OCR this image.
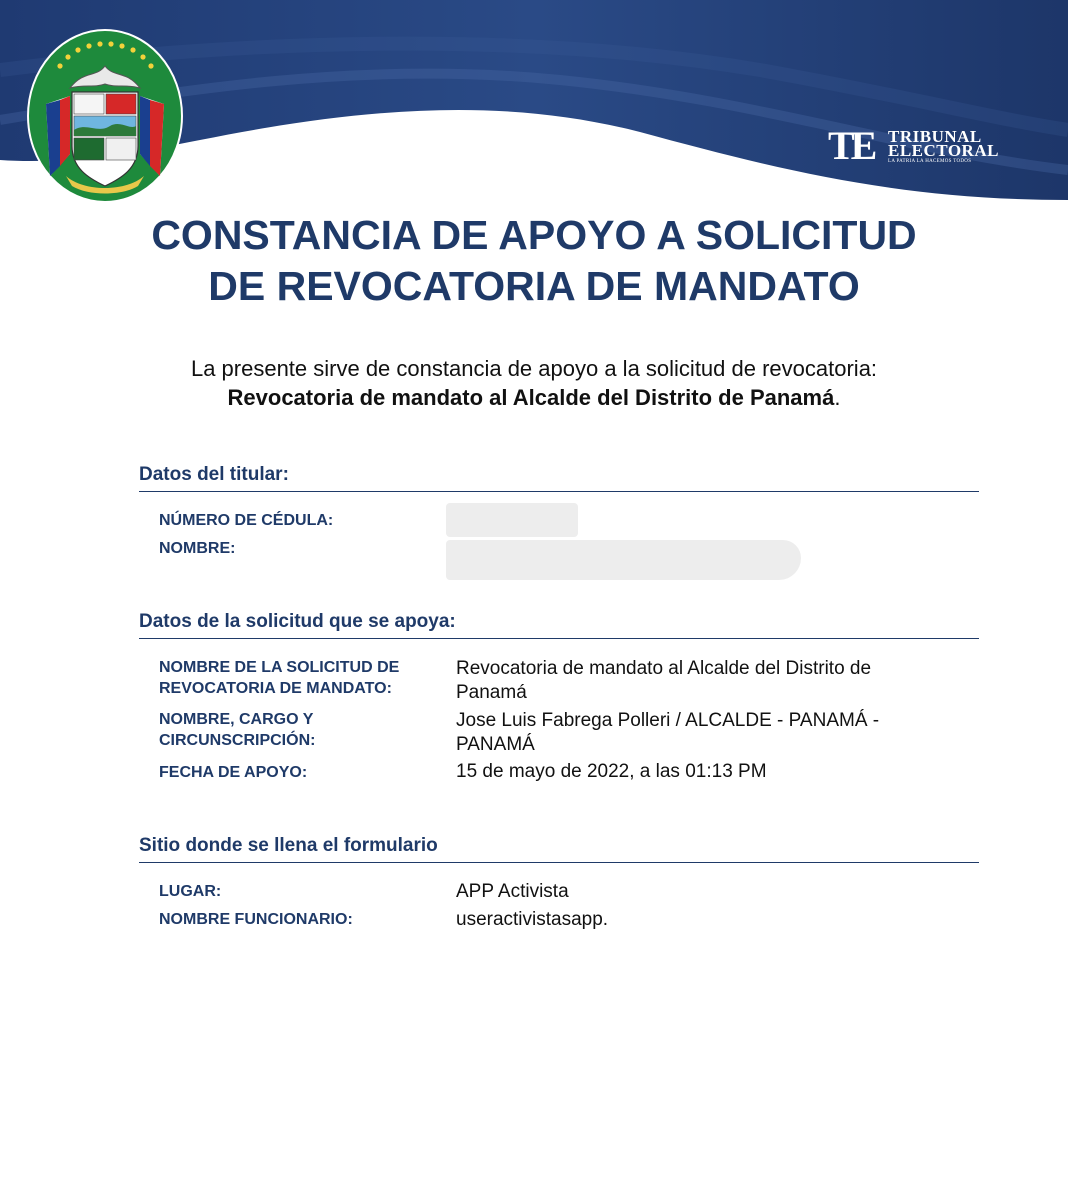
TE TRIBUNAL
ELECTORAL
LA PATRIA LA HACEMOS TODOS
CONSTANCIA DE APOYO A SOLICITUD
DE REVOCATORIA DE MANDATO
La presente sirve de constancia de apoyo a la solicitud de revocatoria:
Revocatoria de mandato al Alcalde del Distrito de Panamá.
Datos del titular:
NÚMERO DE CÉDULA:
NOMBRE:
Datos de la solicitud que se apoya:
NOMBRE DE LA SOLICITUD DE REVOCATORIA DE MANDATO:
Revocatoria de mandato al Alcalde del Distrito de Panamá
NOMBRE, CARGO Y CIRCUNSCRIPCIÓN:
Jose Luis Fabrega Polleri / ALCALDE - PANAMÁ - PANAMÁ
FECHA DE APOYO:	15 de mayo de 2022, a las 01:13 PM
Sitio donde se llena el formulario
LUGAR:	APP Activista
NOMBRE FUNCIONARIO:	useractivistasapp.
